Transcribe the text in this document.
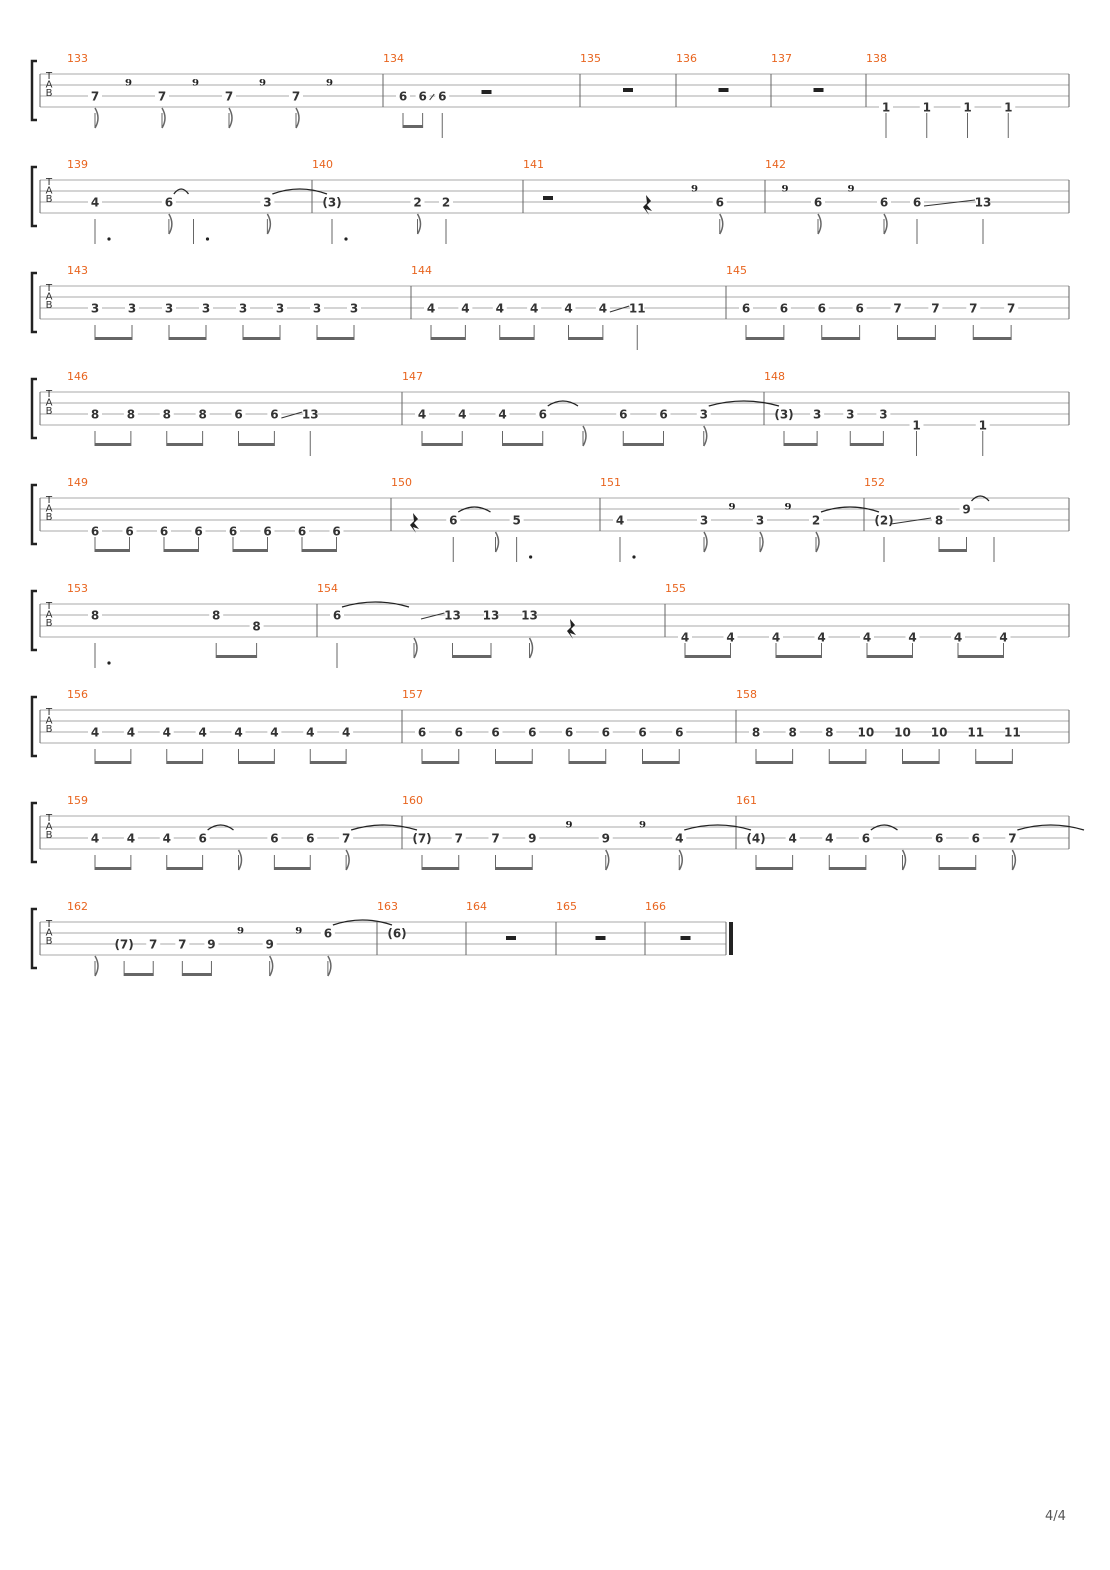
T
A
B
133
7
⁹
7
⁹
7
⁹
7
⁹
134
6 6 6
135	136	137	138
1	1	1	1
T
A
B
139
4	6	3
140
(3)	2 2
141
⁹
6
142
⁹
6
⁹
6 6	13
T
A
B
143
3 3 3 3 3 3 3 3
144
4 4 4 4 4 4 11
145
6 6 6 6 7 7 7 7
T
A
B
146
8 8 8 8 6 6 13
147
4	4	4	6	6	6	3
148
(3) 3 3 3
1	1
T
A
B
149
6 6 6 6 6 6 6 6
150
6	5
151
4	3
⁹
3
⁹
2
152
(2)	8
9
T
A
B
153
8	8
8
154
6	13 13 13
155
4	4	4	4	4	4	4	4
T
A
B
156
4 4 4 4 4 4 4 4
157
6 6 6 6 6 6 6 6
158
8 8 8 10 10 10 11 11
T
A
B
159
4 4 4 6	6 6 7
160
(7) 7 7 9
⁹
9
⁹
4
161
(4) 4 4 6	6 6 7
T
A
B
162
(7) 7 7 9
⁹
9
⁹ 6
163
(6)
164	165	166
4/4
